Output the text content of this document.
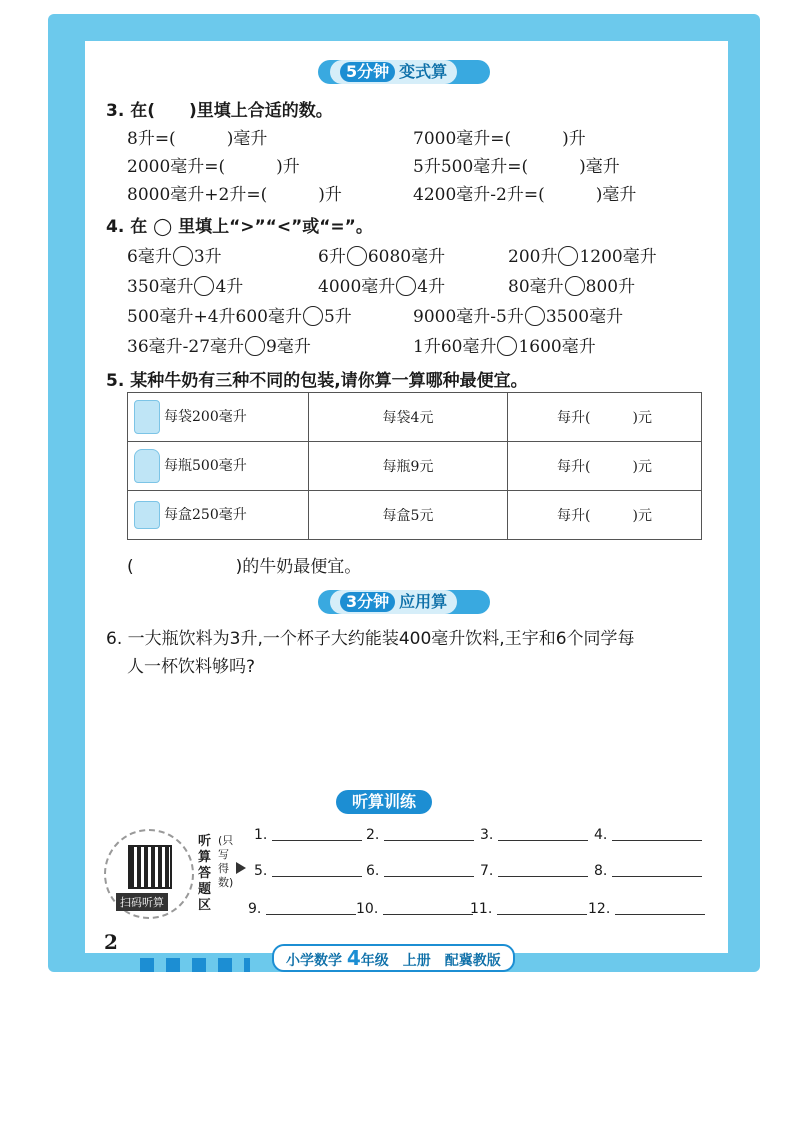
5分钟 变式算
3. 在(　　)里填上合适的数。
8升=(　　　)毫升	7000毫升=(　　　)升
2000毫升=(　　　)升	5升500毫升=(　　　)毫升
8000毫升+2升=(　　　)升	4200毫升-2升=(　　　)毫升
4. 在 ◯ 里填上“>”“<”或“=”。
6毫升 3升	6升 6080毫升	200升 1200毫升
350毫升 4升	4000毫升 4升	80毫升 800升
500毫升+4升600毫升 5升	9000毫升-5升 3500毫升
36毫升-27毫升 9毫升	1升60毫升 1600毫升
5. 某种牛奶有三种不同的包装,请你算一算哪种最便宜。
每袋200毫升	每袋4元	每升(　　　)元
每瓶500毫升	每瓶9元	每升(　　　)元
每盒250毫升	每盒5元	每升(　　　)元
(　　　　　　)的牛奶最便宜。
3分钟 应用算
6. 一大瓶饮料为3升,一个杯子大约能装400毫升饮料,王宇和6个同学每
人一杯饮料够吗?
听算训练
扫码听算
听算答题区
(只写得数)
1.	2.	3.	4.
5.	6.	7.	8.
9.	10.	11.	12.
2
小学数学 4年级　上册　配冀教版
